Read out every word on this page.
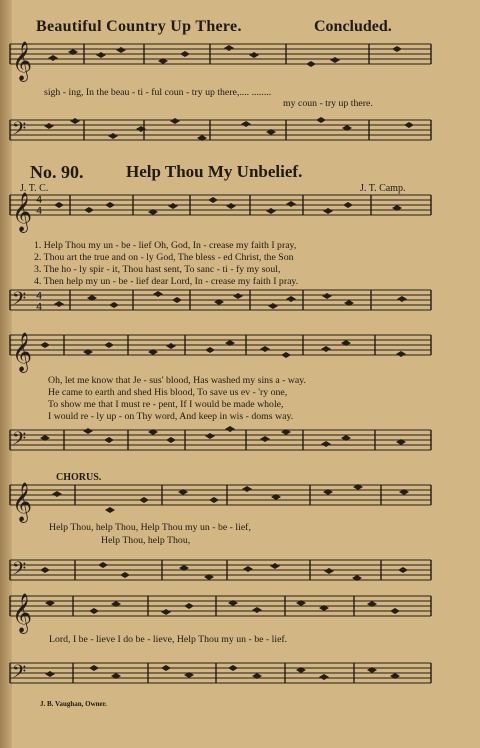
Beautiful Country Up There.	Concluded.
𝄞
𝄞
𝄞
𝄞
𝄞
𝄢
𝄢
𝄢
𝄢
𝄢
4
4
4
4
sigh - ing, In the beau - ti - ful coun - try up there,.... ........
my coun - try up there.
No. 90.	Help Thou My Unbelief.
J. T. C.	J. T. Camp.
1. Help Thou my un - be - lief Oh, God, In - crease my faith I pray,
2. Thou art the true and on - ly God, The bless - ed Christ, the Son
3. The ho - ly spir - it, Thou hast sent, To sanc - ti - fy my soul,
4. Then help my un - be - lief dear Lord, In - crease my faith I pray.
Oh, let me know that Je - sus' blood, Has washed my sins a - way.
He came to earth and shed His blood, To save us ev - 'ry one,
To show me that I must re - pent, If I would be made whole,
I would re - ly up - on Thy word, And keep in wis - doms way.
CHORUS.
Help Thou, help Thou, Help Thou my un - be - lief,
Help Thou, help Thou,
Lord, I be - lieve I do be - lieve, Help Thou my un - be - lief.
J. B. Vaughan, Owner.
